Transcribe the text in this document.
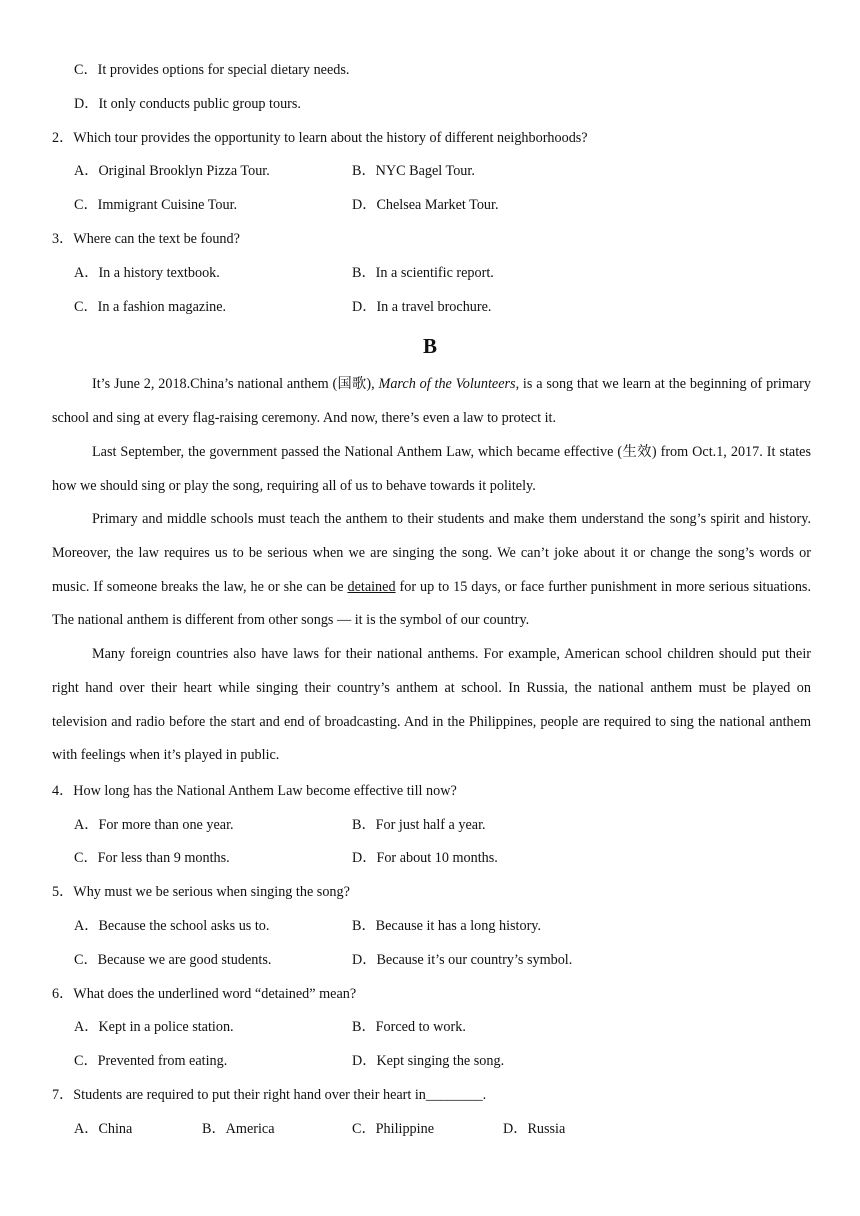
C．It provides options for special dietary needs.
D．It only conducts public group tours.
2．Which tour provides the opportunity to learn about the history of different neighborhoods?
A．Original Brooklyn Pizza Tour.	B．NYC Bagel Tour.
C．Immigrant Cuisine Tour.	D．Chelsea Market Tour.
3．Where can the text be found?
A．In a history textbook.	B．In a scientific report.
C．In a fashion magazine.	D．In a travel brochure.
B

It’s June 2, 2018.China’s national anthem (国歌), March of the Volunteers, is a song that we learn at the beginning of primary school and sing at every flag-raising ceremony. And now, there’s even a law to protect it.

Last September, the government passed the National Anthem Law, which became effective (生效) from Oct.1, 2017. It states how we should sing or play the song, requiring all of us to behave towards it politely.

Primary and middle schools must teach the anthem to their students and make them understand the song’s spirit and history. Moreover, the law requires us to be serious when we are singing the song. We can’t joke about it or change the song’s words or music. If someone breaks the law, he or she can be detained for up to 15 days, or face further punishment in more serious situations. The national anthem is different from other songs — it is the symbol of our country.

Many foreign countries also have laws for their national anthems. For example, American school children should put their right hand over their heart while singing their country’s anthem at school. In Russia, the national anthem must be played on television and radio before the start and end of broadcasting. And in the Philippines, people are required to sing the national anthem with feelings when it’s played in public.

4．How long has the National Anthem Law become effective till now?
A．For more than one year.	B．For just half a year.
C．For less than 9 months.	D．For about 10 months.
5．Why must we be serious when singing the song?
A．Because the school asks us to.	B．Because it has a long history.
C．Because we are good students.	D．Because it’s our country’s symbol.
6．What does the underlined word “detained” mean?
A．Kept in a police station.	B．Forced to work.
C．Prevented from eating.	D．Kept singing the song.
7．Students are required to put their right hand over their heart in________.
A．China	B．America	C．Philippine	D．Russia
